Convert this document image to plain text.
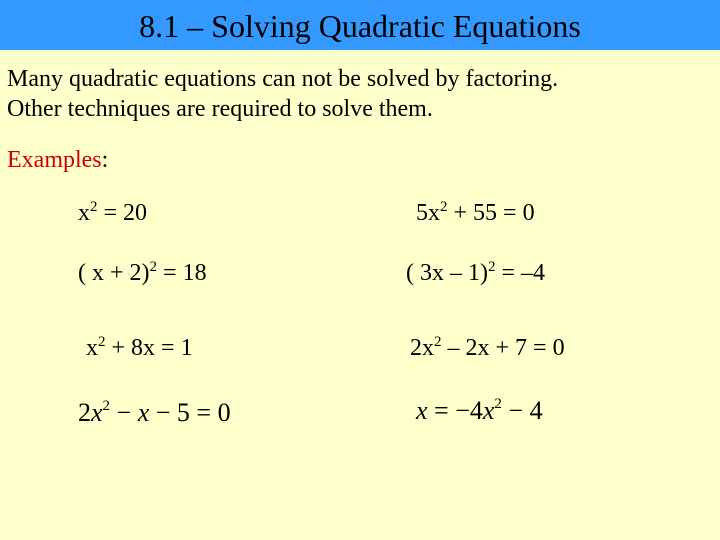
8.1 – Solving Quadratic Equations
Many quadratic equations can not be solved by factoring.
Other techniques are required to solve them.
Examples:
$x^2 = 20$	$5x^2 + 55 = 0$
( x + 2)$^2$ = 18	( 3x – 1)$^2$ = –4
$x^2 + 8x = 1$	$2x^2 - 2x + 7 = 0$
$2x^2 - x - 5 = 0$	$x = -4x^2 - 4$
